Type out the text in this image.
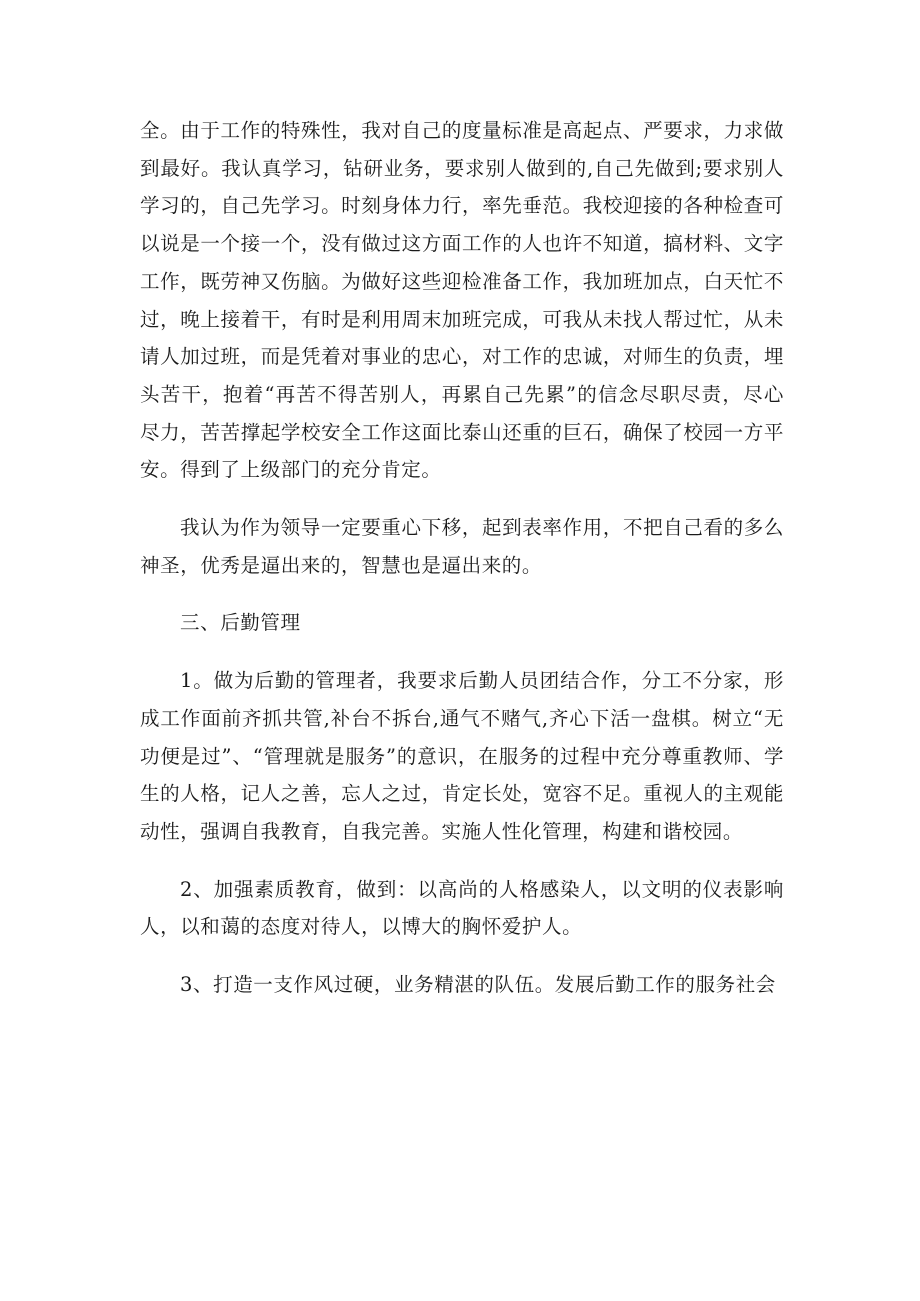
全。由于工作的特殊性，我对自己的度量标准是高起点、严要求，力求做到最好。我认真学习，钻研业务，要求别人做到的,自己先做到;要求别人学习的，自己先学习。时刻身体力行，率先垂范。我校迎接的各种检查可以说是一个接一个，没有做过这方面工作的人也许不知道，搞材料、文字工作，既劳神又伤脑。为做好这些迎检准备工作，我加班加点，白天忙不过，晚上接着干，有时是利用周末加班完成，可我从未找人帮过忙，从未请人加过班，而是凭着对事业的忠心，对工作的忠诚，对师生的负责，埋头苦干，抱着“再苦不得苦别人，再累自己先累”的信念尽职尽责，尽心尽力，苦苦撑起学校安全工作这面比泰山还重的巨石，确保了校园一方平安。得到了上级部门的充分肯定。

我认为作为领导一定要重心下移，起到表率作用，不把自己看的多么神圣，优秀是逼出来的，智慧也是逼出来的。

三、后勤管理

1。做为后勤的管理者，我要求后勤人员团结合作，分工不分家，形成工作面前齐抓共管,补台不拆台,通气不赌气,齐心下活一盘棋。树立“无功便是过”、“管理就是服务”的意识，在服务的过程中充分尊重教师、学生的人格，记人之善，忘人之过，肯定长处，宽容不足。重视人的主观能动性，强调自我教育，自我完善。实施人性化管理，构建和谐校园。

2、加强素质教育，做到：以高尚的人格感染人，以文明的仪表影响人，以和蔼的态度对待人，以博大的胸怀爱护人。

3、打造一支作风过硬，业务精湛的队伍。发展后勤工作的服务社会
